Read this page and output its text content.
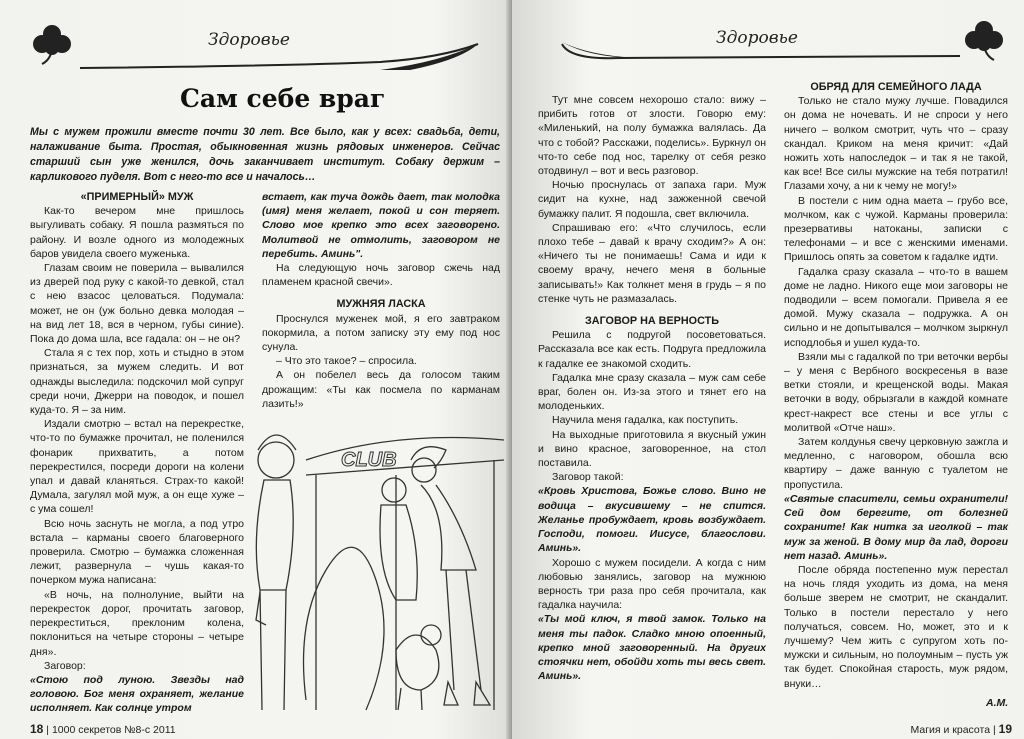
Здоровье
Сам себе враг
Мы с мужем прожили вместе почти 30 лет. Все было, как у всех: свадьба, дети, налаживание быта. Простая, обыкновенная жизнь рядовых инженеров. Сейчас старший сын уже женился, дочь заканчивает институт. Собаку держим – карликового пуделя. Вот с него-то все и началось…

«ПРИМЕРНЫЙ» МУЖ

Как-то вечером мне пришлось выгуливать собаку. Я пошла размяться по району. И возле одного из молодежных баров увидела своего муженька.

Глазам своим не поверила – вывалился из дверей под руку с какой-то девкой, стал с нею взасос целоваться. Подумала: может, не он (уж больно девка молодая – на вид лет 18, вся в черном, губы синие). Пока до дома шла, все гадала: он – не он?

Стала я с тех пор, хоть и стыдно в этом признаться, за мужем следить. И вот однажды выследила: подскочил мой супруг среди ночи, Джерри на поводок, и пошел куда-то. Я – за ним.

Издали смотрю – встал на перекрестке, что-то по бумажке прочитал, не поленился фонарик прихватить, а потом перекрестился, посреди дороги на колени упал и давай кланяться. Страх-то какой! Думала, загулял мой муж, а он еще хуже – с ума сошел!

Всю ночь заснуть не могла, а под утро встала – карманы своего благоверного проверила. Смотрю – бумажка сложенная лежит, развернула – чушь какая-то почерком мужа написана:

«В ночь, на полнолуние, выйти на перекресток дорог, прочитать заговор, перекреститься, преклоним колена, поклониться на четыре стороны – четыре дня».

Заговор:

«Стою под луною. Звезды над головою. Бог меня охраняет, желание исполняет. Как солнце утром

встает, как туча дождь дает, так молодка (имя) меня желает, покой и сон теряет. Слово мое крепко это всех заговорено. Молитвой не отмолить, заговором не перебить. Аминь".

На следующую ночь заговор сжечь над пламенем красной свечи».

МУЖНЯЯ ЛАСКА

Проснулся муженек мой, я его завтраком покормила, а потом записку эту ему под нос сунула.

– Что это такое? – спросила.

А он побелел весь да голосом таким дрожащим: «Ты как посмела по карманам лазить!»

CLUB
18 | 1000 секретов №8-с 2011
Здоровье

Тут мне совсем нехорошо стало: вижу – прибить готов от злости. Говорю ему: «Миленький, на полу бумажка валялась. Да что с тобой? Расскажи, поделись». Буркнул он что-то себе под нос, тарелку от себя резко отодвинул – вот и весь разговор.

Ночью проснулась от запаха гари. Муж сидит на кухне, над зажженной свечой бумажку палит. Я подошла, свет включила.

Спрашиваю его: «Что случилось, если плохо тебе – давай к врачу сходим?» А он: «Ничего ты не понимаешь! Сама и иди к своему врачу, нечего меня в больные записывать!» Как толкнет меня в грудь – я по стенке чуть не размазалась.

ЗАГОВОР НА ВЕРНОСТЬ

Решила с подругой посоветоваться. Рассказала все как есть. Подруга предложила к гадалке ее знакомой сходить.

Гадалка мне сразу сказала – муж сам себе враг, болен он. Из-за этого и тянет его на молоденьких.

Научила меня гадалка, как поступить.

На выходные приготовила я вкусный ужин и вино красное, заговоренное, на стол поставила.

Заговор такой:

«Кровь Христова, Божье слово. Вино не водица – вкусившему – не спится. Желанье пробуждает, кровь возбуждает. Господи, помоги. Иисусе, благослови. Аминь».

Хорошо с мужем посидели. А когда с ним любовью занялись, заговор на мужнюю верность три раза про себя прочитала, как гадалка научила:

«Ты мой ключ, я твой замок. Только на меня ты падок. Сладко мною опоенный, крепко мной заговоренный. На других стоячки нет, обойди хоть ты весь свет. Аминь».

ОБРЯД ДЛЯ СЕМЕЙНОГО ЛАДА

Только не стало мужу лучше. Повадился он дома не ночевать. И не спроси у него ничего – волком смотрит, чуть что – сразу скандал. Криком на меня кричит: «Дай ножить хоть напоследок – и так я не такой, как все! Все силы мужские на тебя потратил! Глазами хочу, а ни к чему не могу!»

В постели с ним одна маета – грубо все, молчком, как с чужой. Карманы проверила: презервативы натоканы, записки с телефонами – и все с женскими именами. Пришлось опять за советом к гадалке идти.

Гадалка сразу сказала – что-то в вашем доме не ладно. Никого еще мои заговоры не подводили – всем помогали. Привела я ее домой. Мужу сказала – подружка. А он сильно и не допытывался – молчком зыркнул исподлобья и ушел куда-то.

Взяли мы с гадалкой по три веточки вербы – у меня с Вербного воскресенья в вазе ветки стояли, и крещенской воды. Макая веточки в воду, обрызгали в каждой комнате крест-накрест все стены и все углы с молитвой «Отче наш».

Затем колдунья свечу церковную зажгла и медленно, с наговором, обошла всю квартиру – даже ванную с туалетом не пропустила.

«Святые спасители, семьи охранители! Сей дом берегите, от болезней сохраните! Как нитка за иголкой – так муж за женой. В дому мир да лад, дороги нет назад. Аминь».

После обряда постепенно муж перестал на ночь глядя уходить из дома, на меня больше зверем не смотрит, не скандалит. Только в постели перестало у него получаться, совсем. Но, может, это и к лучшему? Чем жить с супругом хоть по-мужски и сильным, но полоумным – пусть уж так будет. Спокойная старость, муж рядом, внуки…

А.М.
Магия и красота | 19
